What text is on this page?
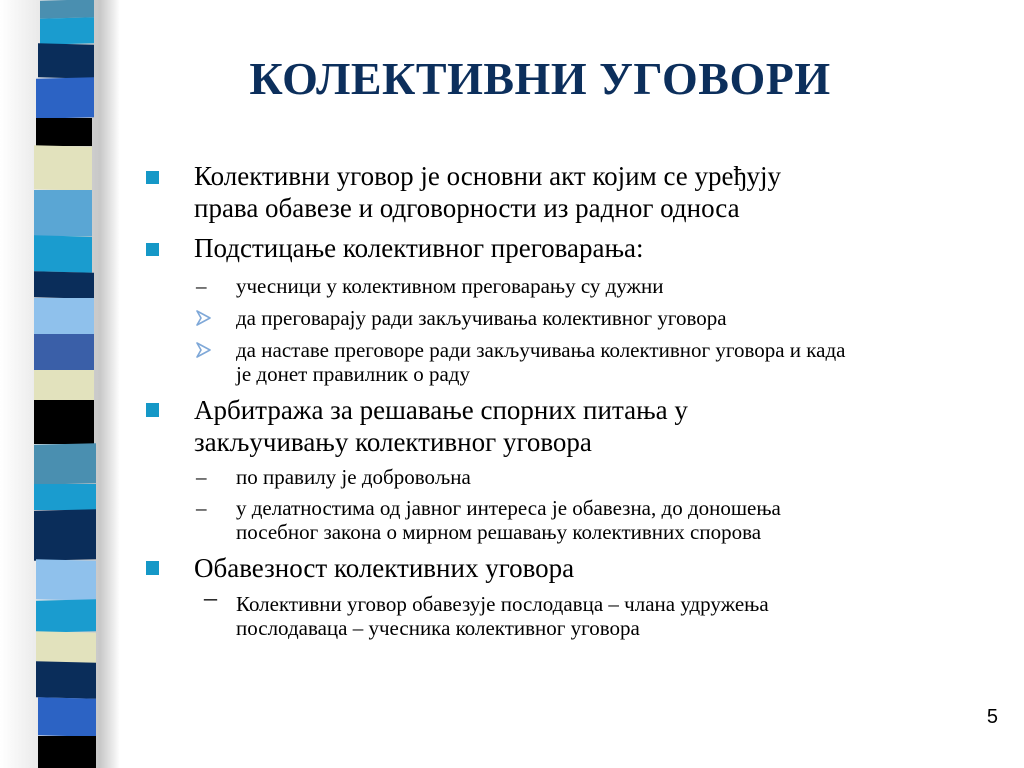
КОЛЕКТИВНИ УГОВОРИ
Колективни уговор је основни акт којим се уређују
права обавезе и одговорности из радног односа
Подстицање колективног преговарања:
– учесници у колективном преговарању су дужни
да преговарају ради закључивања колективног уговора
да наставе преговоре ради закључивања колективног уговора и када
је донет правилник о раду
Арбитража за решавање спорних питања у
закључивању колективног уговора
– по правилу је добровољна
– у делатностима од јавног интереса је обавезна, до доношења
посебног закона о мирном решавању колективних спорова
Обавезност колективних уговора
– Колективни уговор обавезује послодавца – члана удружења
послодаваца – учесника колективног уговора
5
